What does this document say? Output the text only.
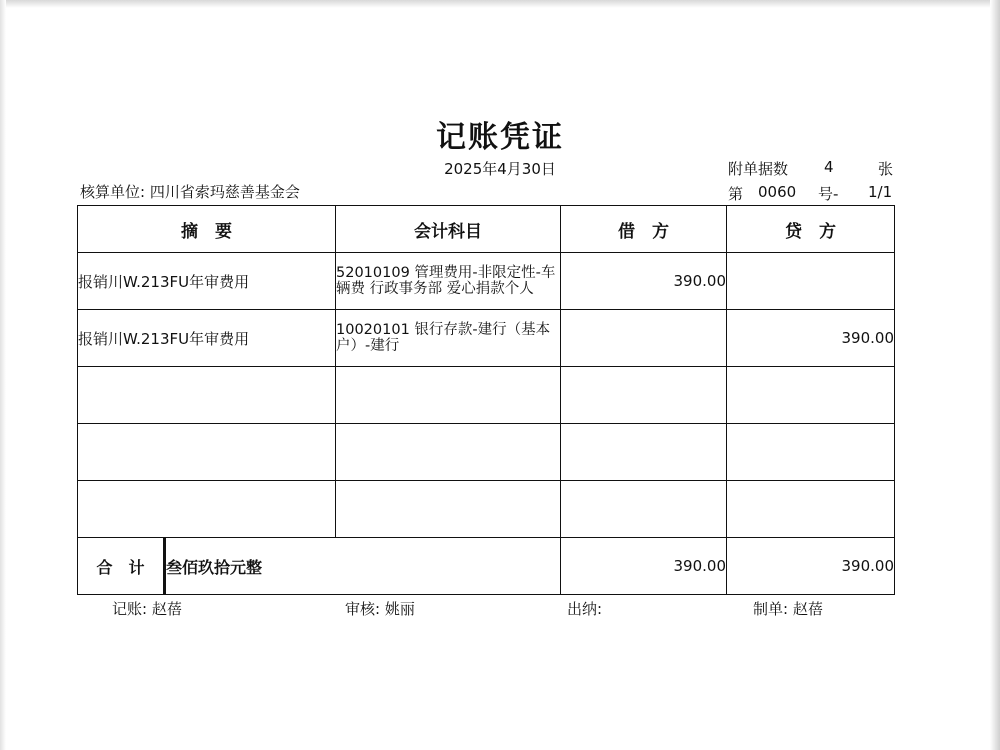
记账凭证
2025年4月30日	附单据数 4	张
核算单位: 四川省索玛慈善基金会	第 0060 号- 1/1
摘　要		会计科目	借　方	贷　方
报销川W.213FU年审费用		52010109 管理费用-非限定性-车辆费 行政事务部 爱心捐款个人	390.00	
报销川W.213FU年审费用		10020101 银行存款-建行（基本户）-建行		390.00

合　计	叁佰玖拾元整		390.00	390.00
记账: 赵蓓	审核: 姚丽	出纳:	制单: 赵蓓
